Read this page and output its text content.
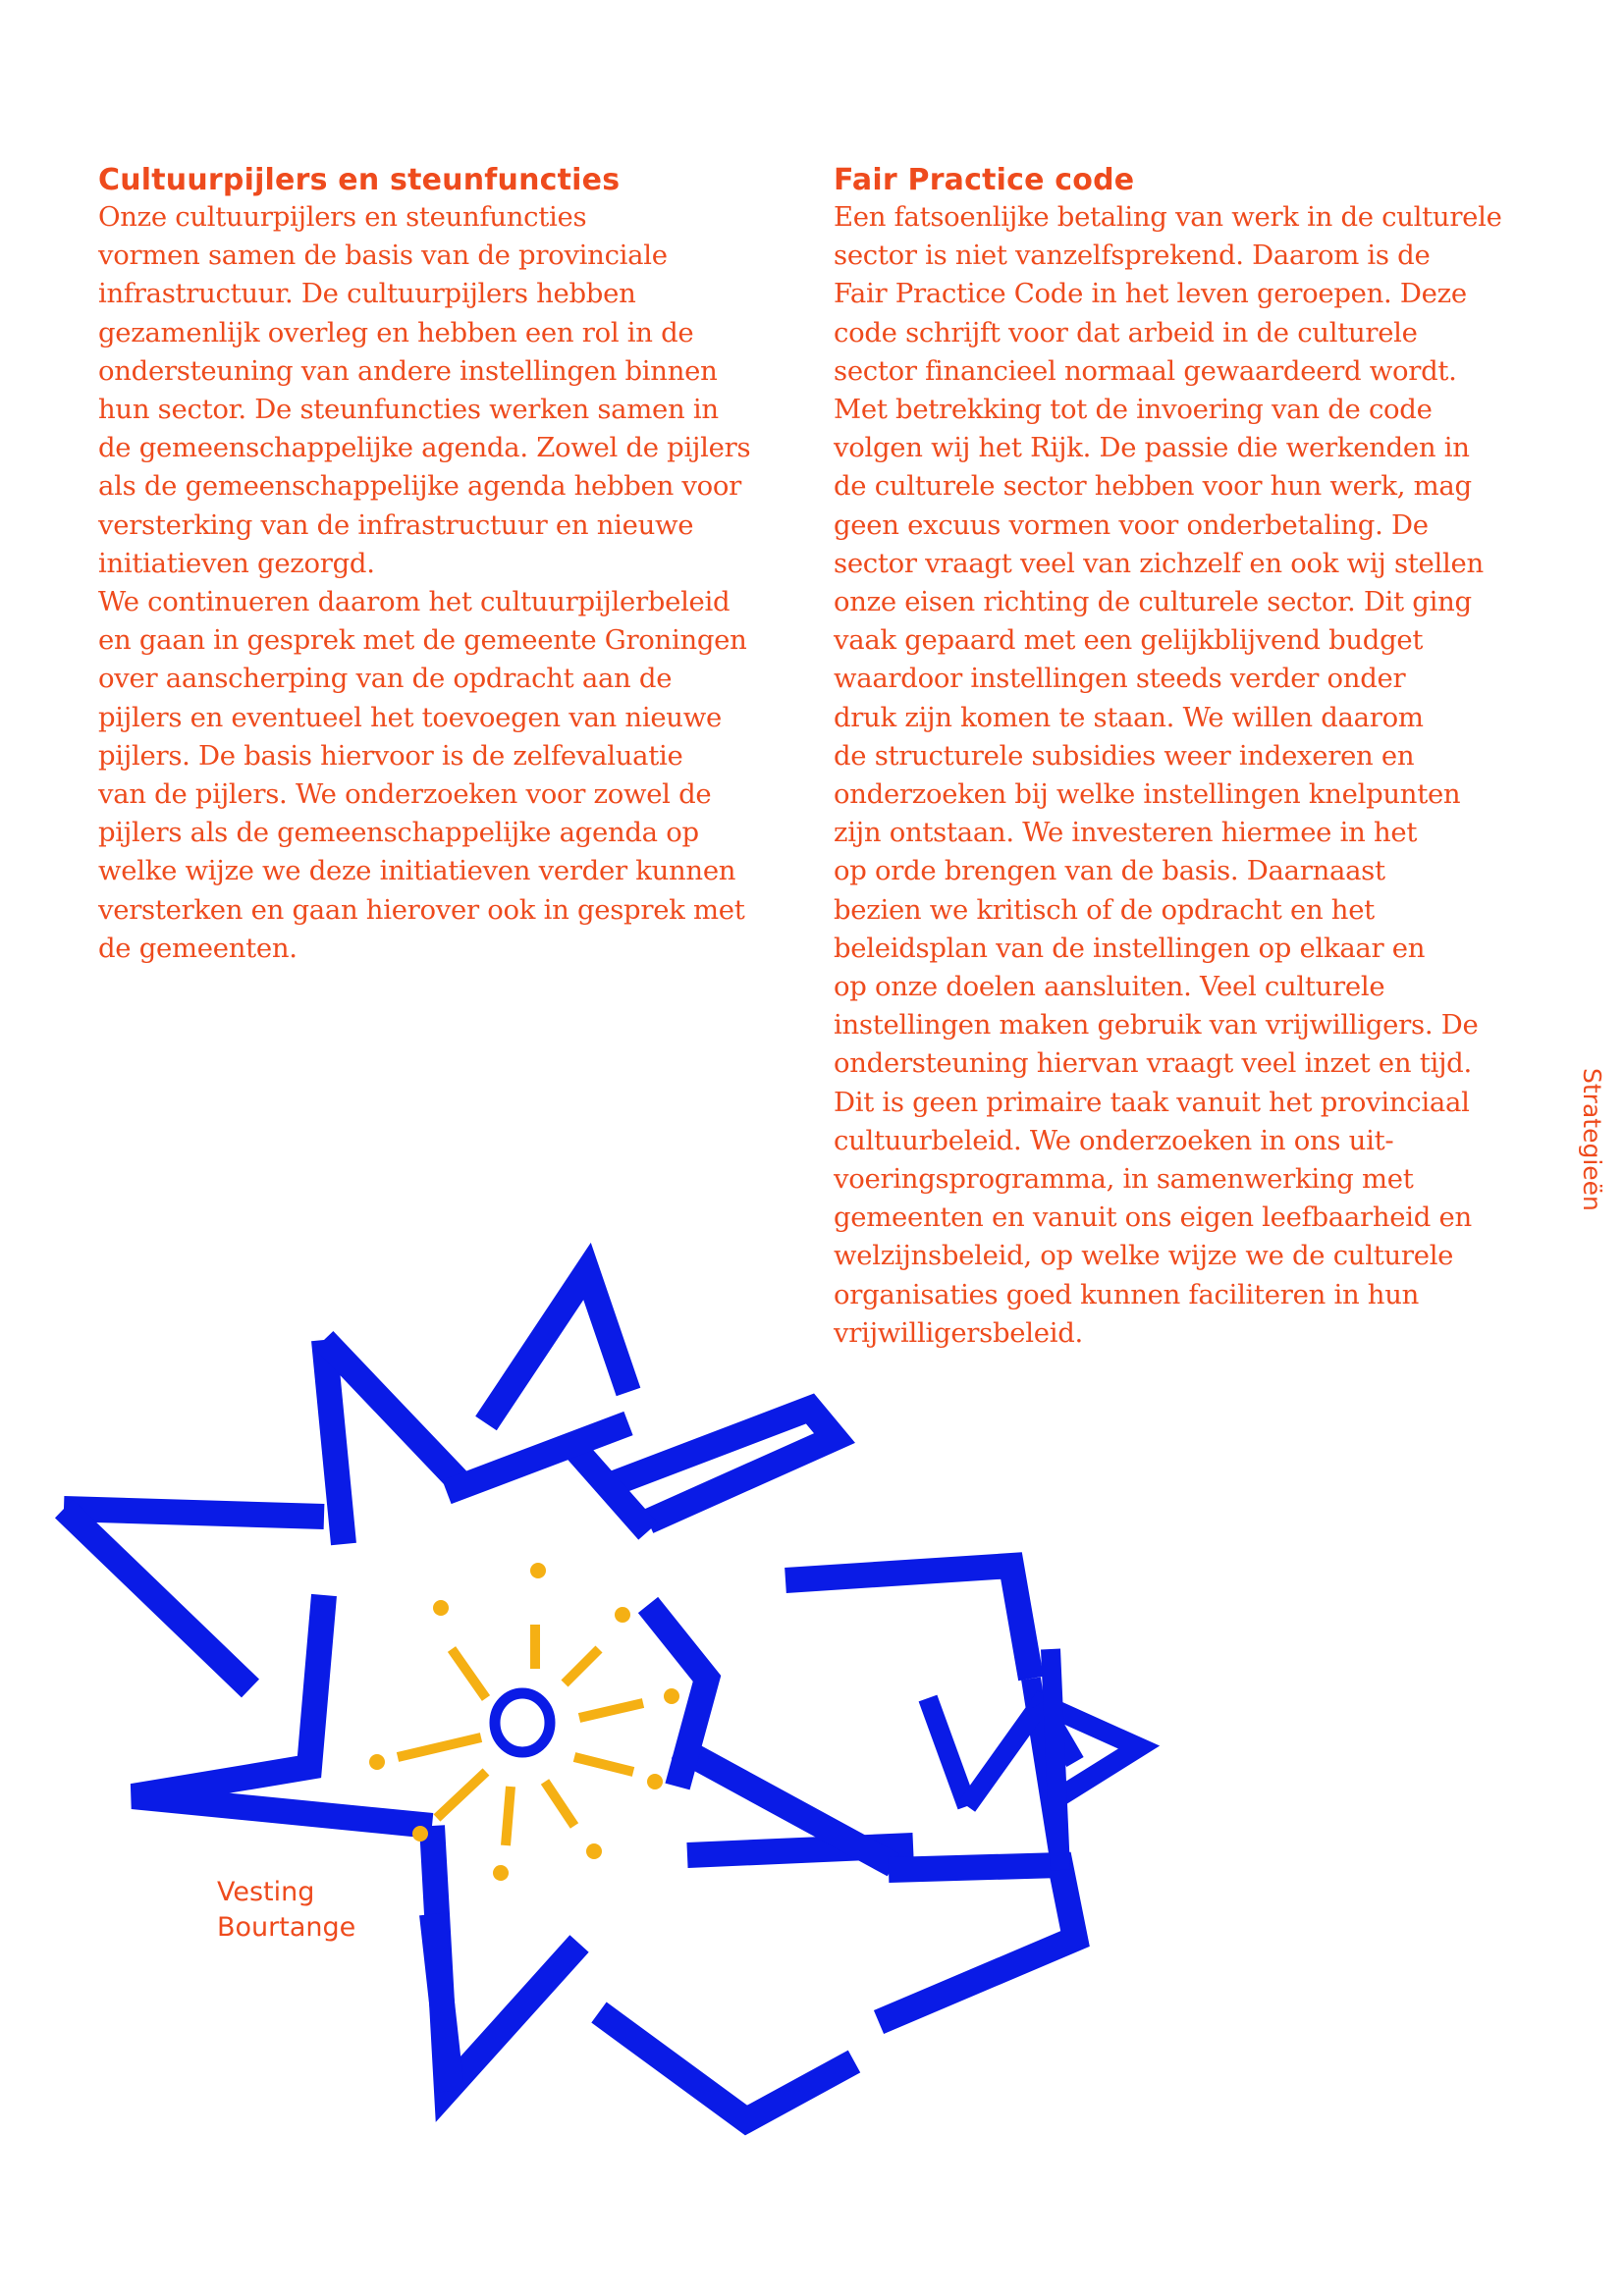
Cultuurpijlers en steunfuncties

Onze cultuurpijlers en steunfuncties
vormen samen de basis van de provinciale
infrastructuur. De cultuurpijlers hebben
gezamenlijk overleg en hebben een rol in de
ondersteuning van andere instellingen binnen
hun sector. De steunfuncties werken samen in
de gemeenschappelijke agenda. Zowel de pijlers
als de gemeenschappelijke agenda hebben voor
versterking van de infrastructuur en nieuwe
initiatieven gezorgd.
We continueren daarom het cultuurpijlerbeleid
en gaan in gesprek met de gemeente Groningen
over aanscherping van de opdracht aan de
pijlers en eventueel het toevoegen van nieuwe
pijlers. De basis hiervoor is de zelfevaluatie
van de pijlers. We onderzoeken voor zowel de
pijlers als de gemeenschappelijke agenda op
welke wijze we deze initiatieven verder kunnen
versterken en gaan hierover ook in gesprek met
de gemeenten.

Fair Practice code

Een fatsoenlijke betaling van werk in de culturele
sector is niet vanzelfsprekend. Daarom is de
Fair Practice Code in het leven geroepen. Deze
code schrijft voor dat arbeid in de culturele
sector financieel normaal gewaardeerd wordt.
Met betrekking tot de invoering van de code
volgen wij het Rijk. De passie die werkenden in
de culturele sector hebben voor hun werk, mag
geen excuus vormen voor onderbetaling. De
sector vraagt veel van zichzelf en ook wij stellen
onze eisen richting de culturele sector. Dit ging
vaak gepaard met een gelijkblijvend budget
waardoor instellingen steeds verder onder
druk zijn komen te staan. We willen daarom
de structurele subsidies weer indexeren en
onderzoeken bij welke instellingen knelpunten
zijn ontstaan. We investeren hiermee in het
op orde brengen van de basis. Daarnaast
bezien we kritisch of de opdracht en het
beleidsplan van de instellingen op elkaar en
op onze doelen aansluiten. Veel culturele
instellingen maken gebruik van vrijwilligers. De
ondersteuning hiervan vraagt veel inzet en tijd.
Dit is geen primaire taak vanuit het provinciaal
cultuurbeleid. We onderzoeken in ons uit-
voeringsprogramma, in samenwerking met
gemeenten en vanuit ons eigen leefbaarheid en
welzijnsbeleid, op welke wijze we de culturele
organisaties goed kunnen faciliteren in hun
vrijwilligersbeleid.

Strategieën
Vesting
Bourtange
